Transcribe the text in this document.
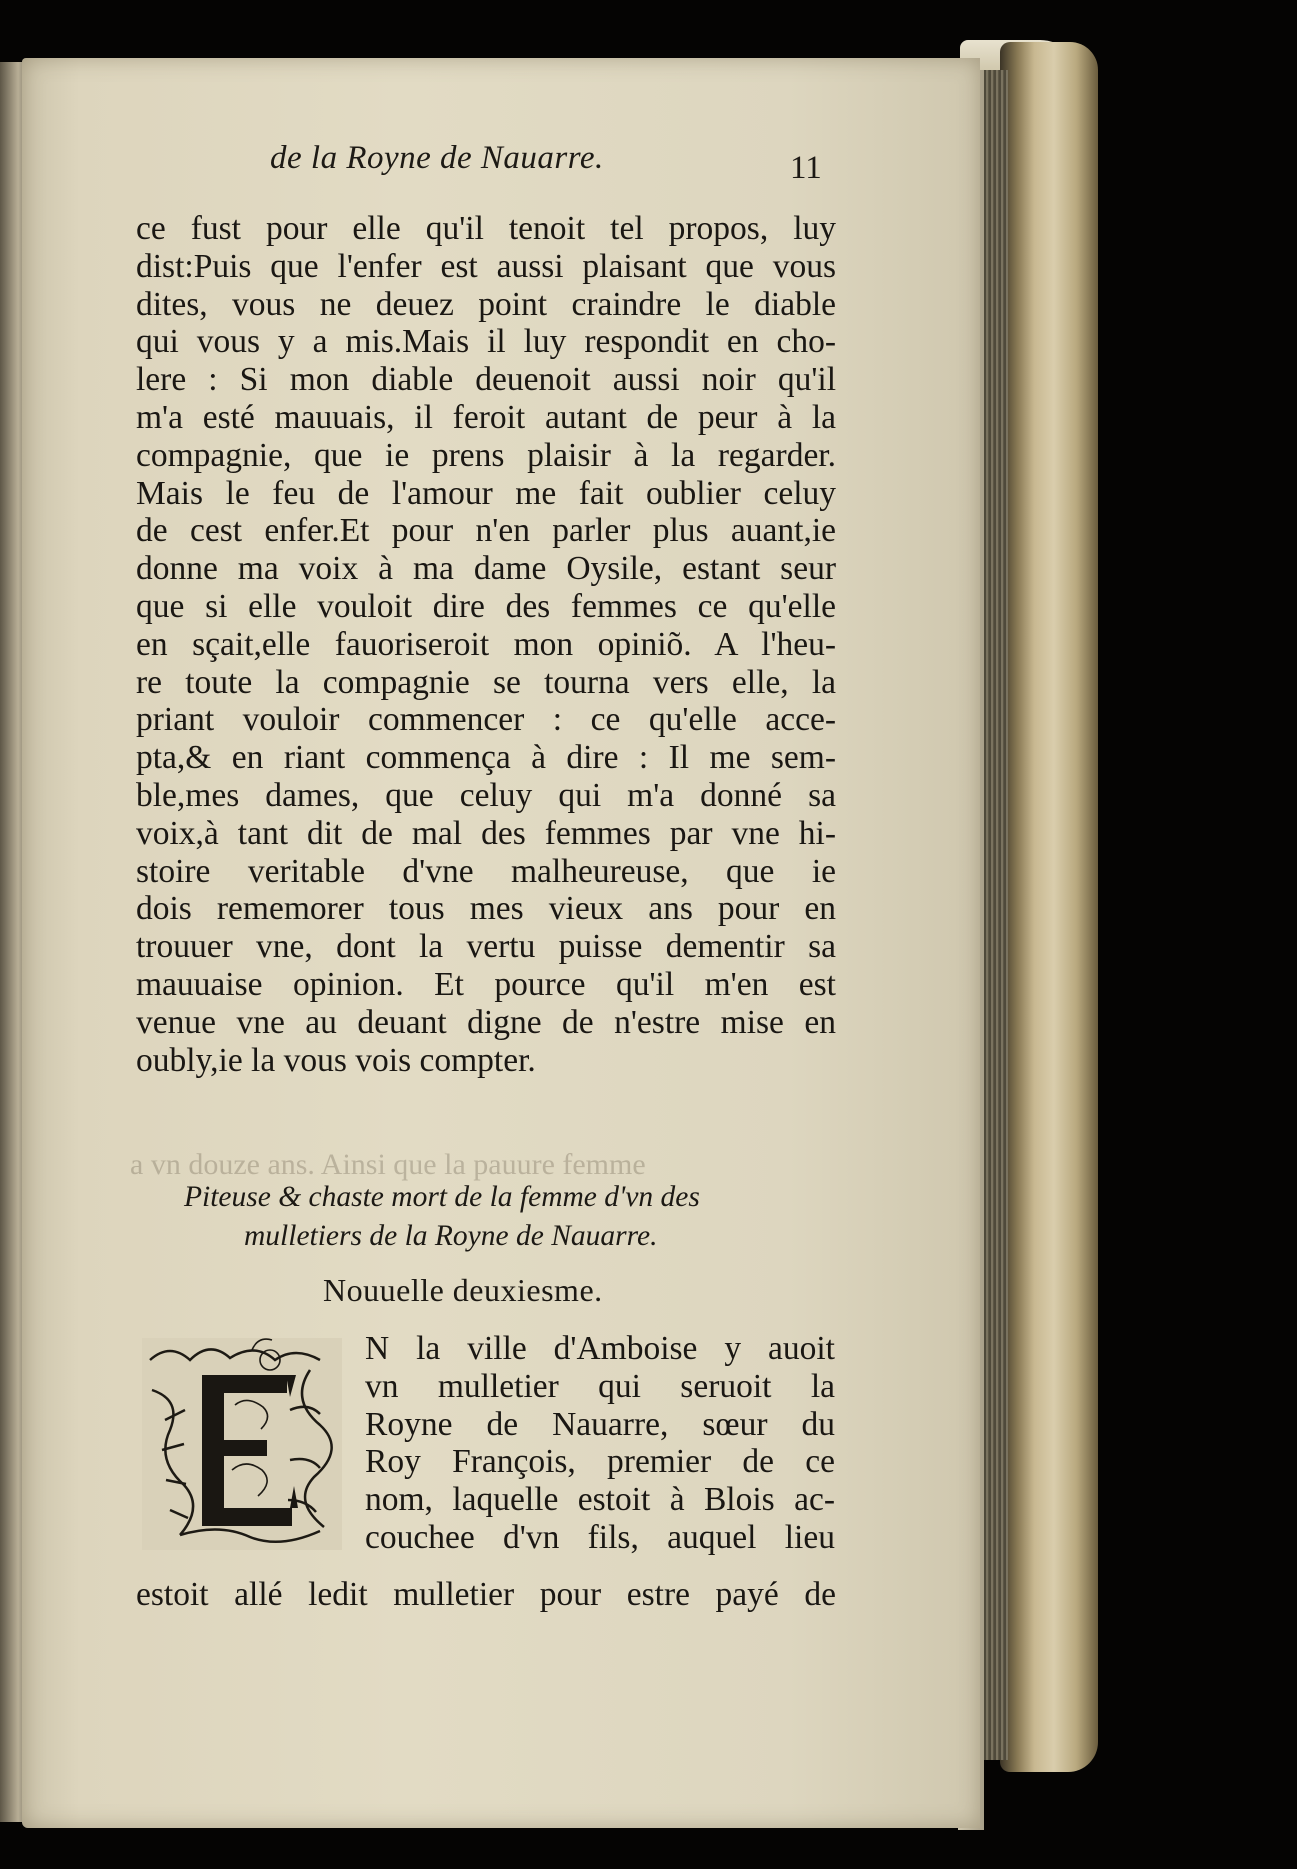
de la Royne de Nauarre.	11
ce fust pour elle qu'il tenoit tel propos, luy
dist:Puis que l'enfer est aussi plaisant que vous
dites, vous ne deuez point craindre le diable
qui vous y a mis.Mais il luy respondit en cho-
lere : Si mon diable deuenoit aussi noir qu'il
m'a esté mauuais, il feroit autant de peur à la
compagnie, que ie prens plaisir à la regarder.
Mais le feu de l'amour me fait oublier celuy
de cest enfer.Et pour n'en parler plus auant,ie
donne ma voix à ma dame Oysile, estant seur
que si elle vouloit dire des femmes ce qu'elle
en sçait,elle fauoriseroit mon opiniõ. A l'heu-
re toute la compagnie se tourna vers elle, la
priant vouloir commencer : ce qu'elle acce-
pta,& en riant commença à dire : Il me sem-
ble,mes dames, que celuy qui m'a donné sa
voix,à tant dit de mal des femmes par vne hi-
stoire veritable d'vne malheureuse, que ie
dois rememorer tous mes vieux ans pour en
trouuer vne, dont la vertu puisse dementir sa
mauuaise opinion. Et pource qu'il m'en est
venue vne au deuant digne de n'estre mise en
oubly,ie la vous vois compter.
a vn douze ans. Ainsi que la pauure femme
Piteuse & chaste mort de la femme d'vn des
mulletiers de la Royne de Nauarre.
Nouuelle deuxiesme.
N la ville d'Amboise y auoit
vn mulletier qui seruoit la
Royne de Nauarre, sœur du
Roy François, premier de ce
nom, laquelle estoit à Blois ac-
couchee d'vn fils, auquel lieu
estoit allé ledit mulletier pour estre payé de
